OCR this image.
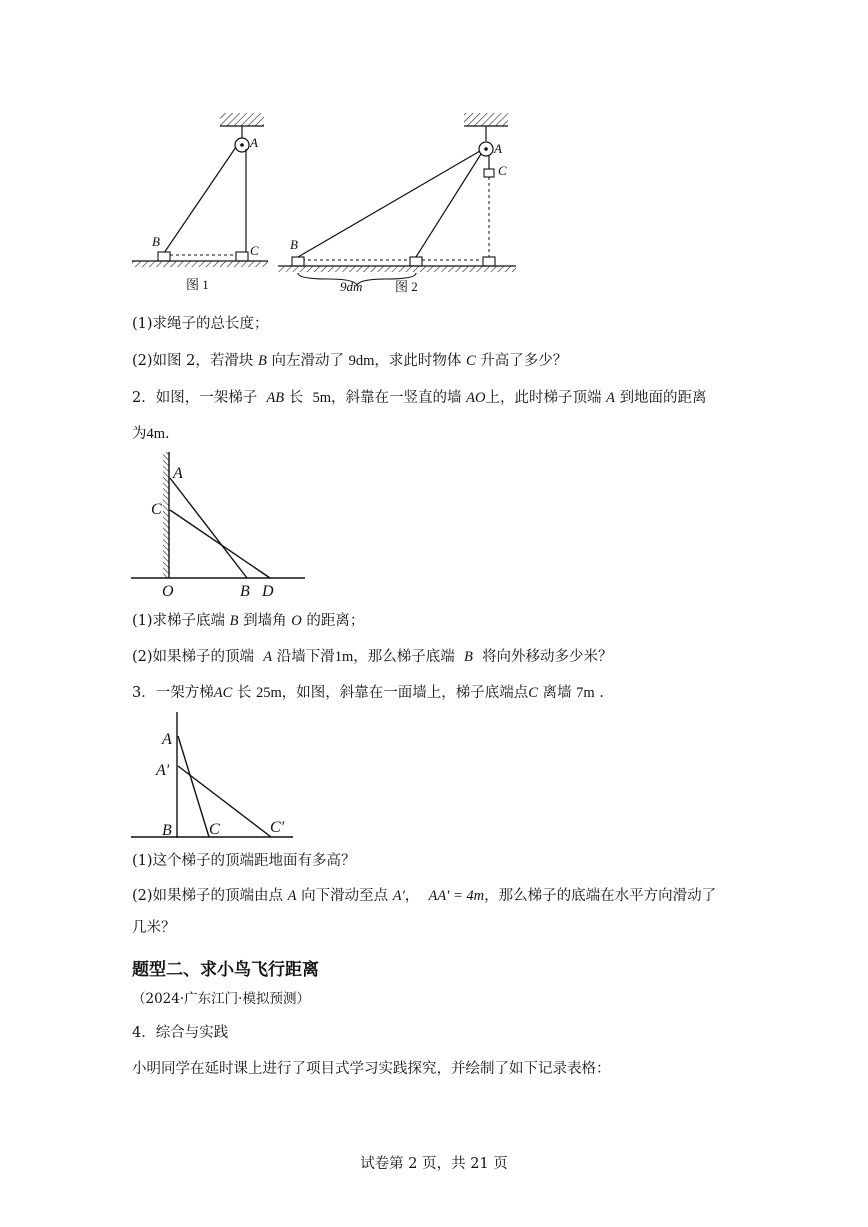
A
B
C
图 1
A
C
B
9dm	图 2
(1)求绳子的总长度；
(2)如图 2，若滑块 B 向左滑动了 9dm，求此时物体 C 升高了多少？
2．如图，一架梯子 AB 长 5m，斜靠在一竖直的墙 AO上，此时梯子顶端 A 到地面的距离
为4m.
A
C
O	B D
(1)求梯子底端 B 到墙角 O 的距离；
(2)如果梯子的顶端 A 沿墙下滑1m，那么梯子底端 B 将向外移动多少米？
3．一架方梯AC 长 25m，如图，斜靠在一面墙上，梯子底端点C 离墙 7m .
A
A′
B C	C′
(1)这个梯子的顶端距地面有多高？
(2)如果梯子的顶端由点 A 向下滑动至点 A′， AA′ = 4m，那么梯子的底端在水平方向滑动了
几米？
题型二、求小鸟飞行距离
（2024·广东江门·模拟预测）
4．综合与实践
小明同学在延时课上进行了项目式学习实践探究，并绘制了如下记录表格：
试卷第 2 页，共 21 页
